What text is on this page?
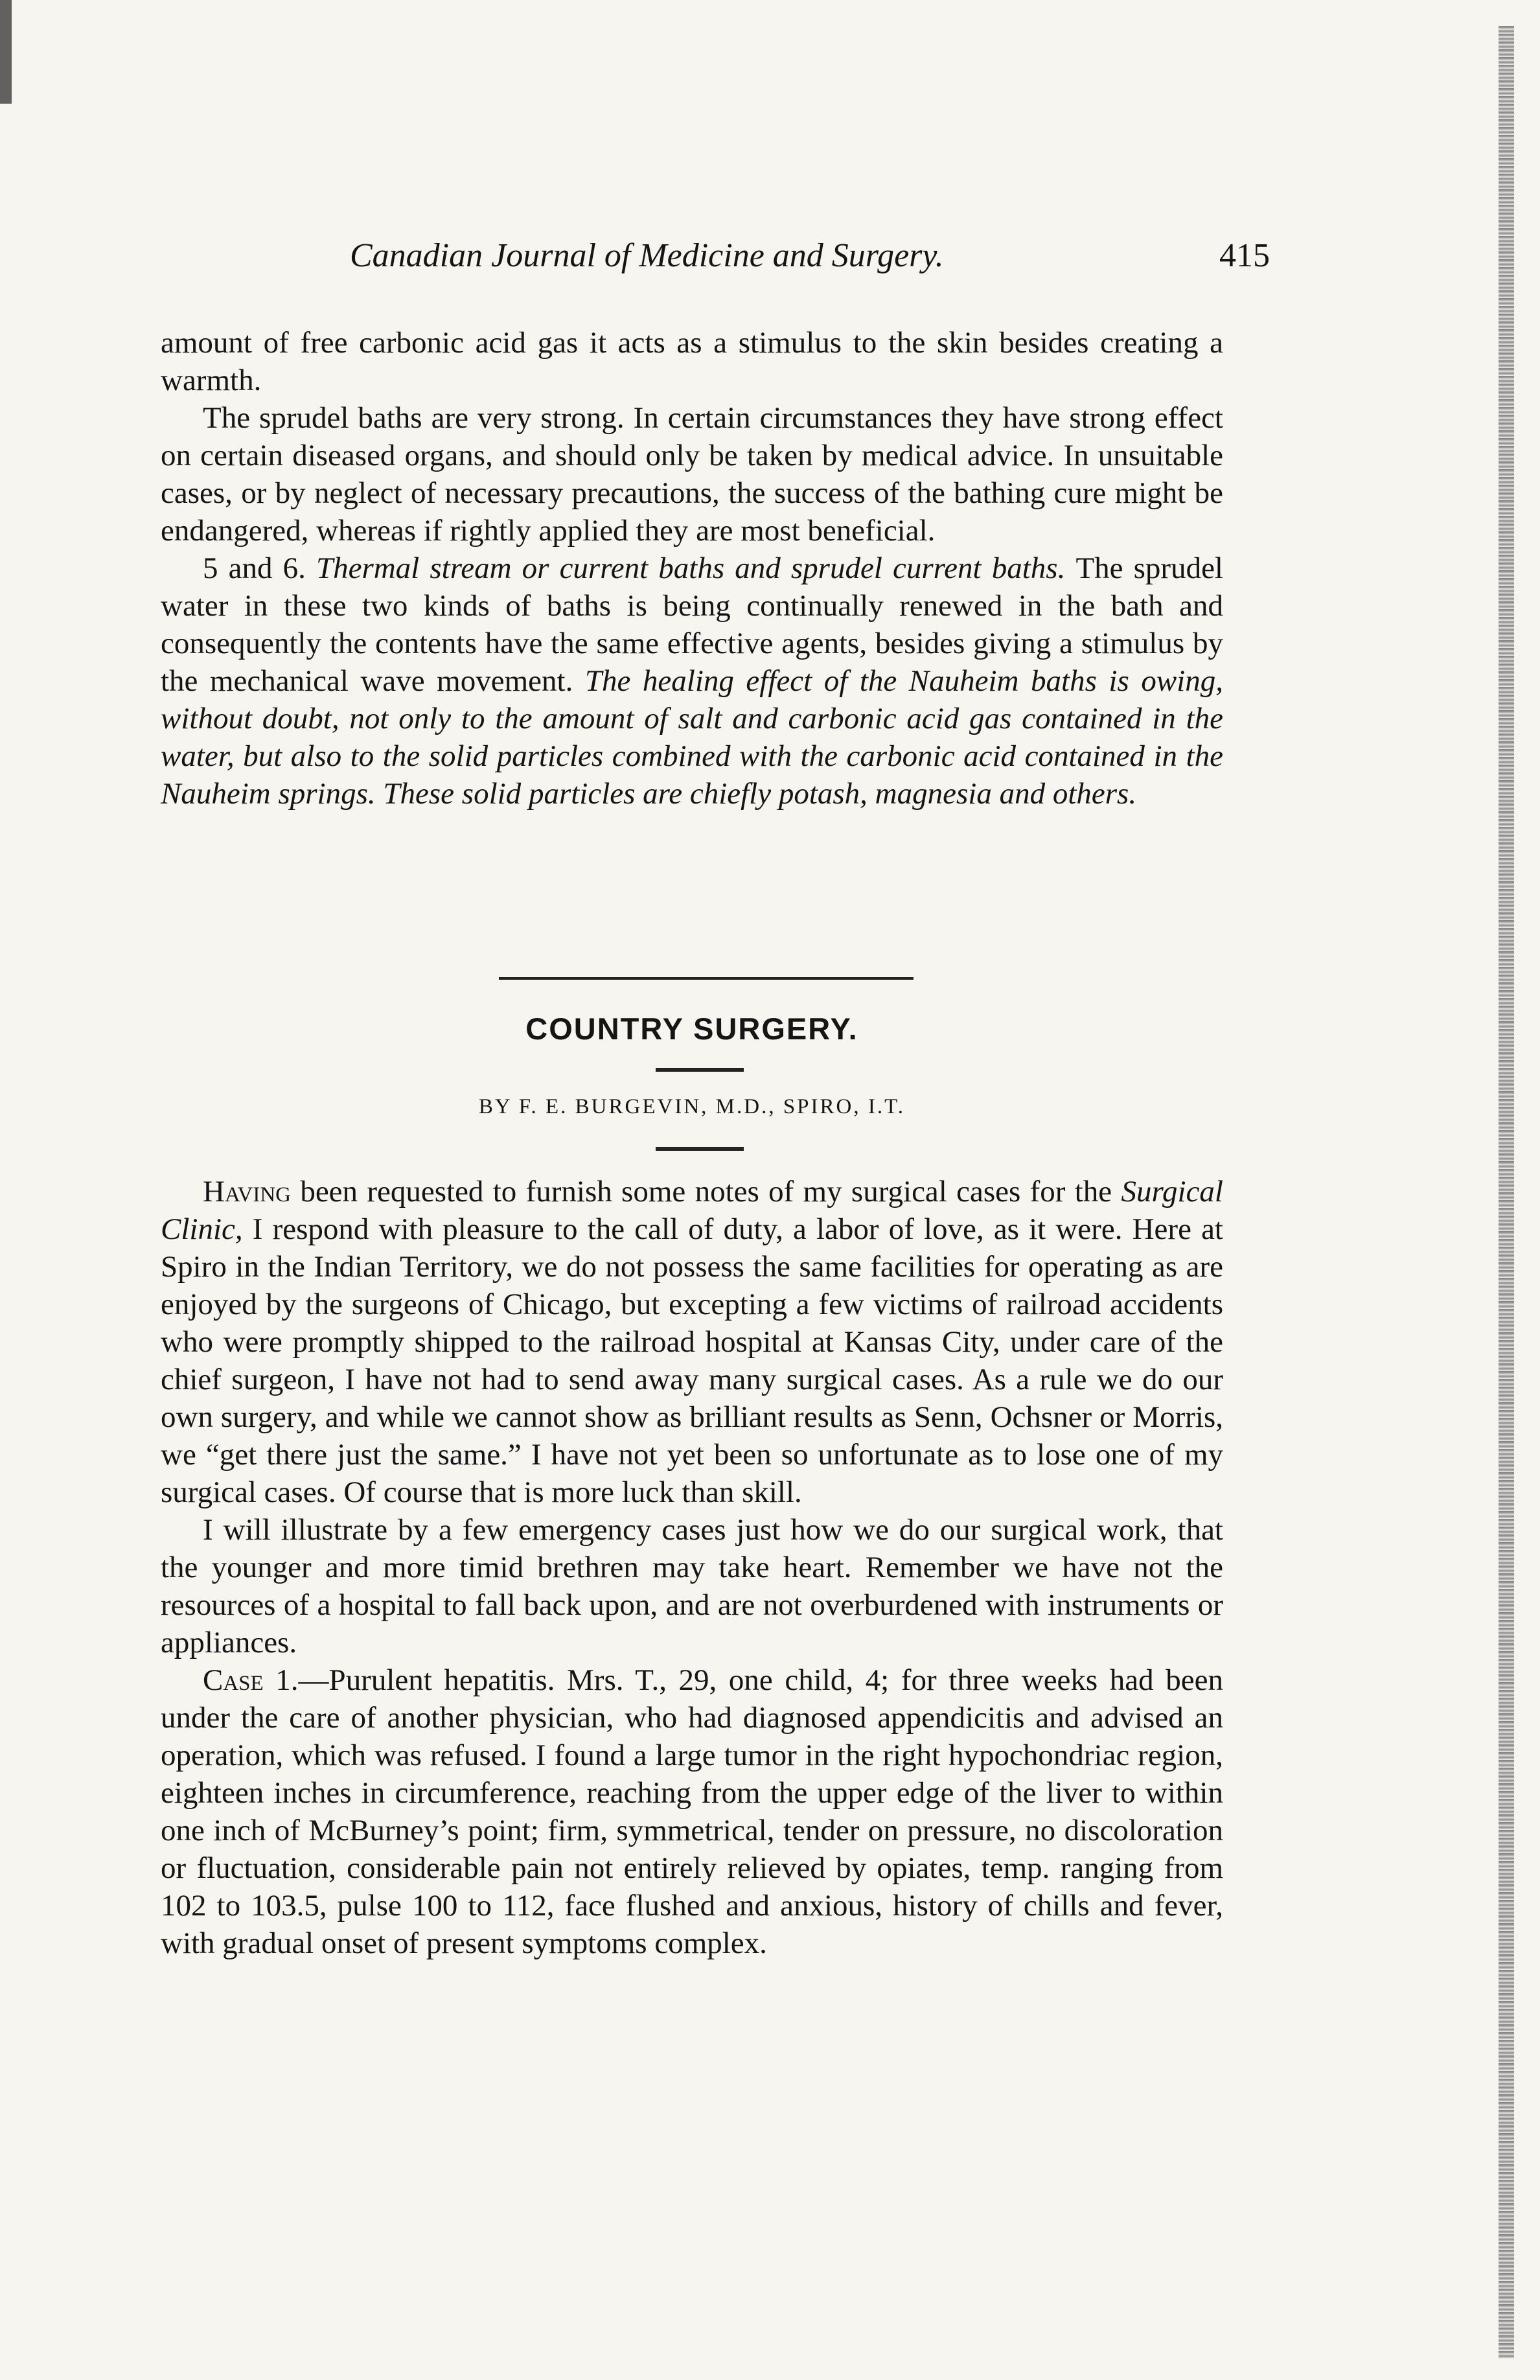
Canadian Journal of Medicine and Surgery.	415

amount of free carbonic acid gas it acts as a stimulus to the skin besides creating a warmth.

The sprudel baths are very strong. In certain circumstances they have strong effect on certain diseased organs, and should only be taken by medical advice. In unsuitable cases, or by neglect of necessary precautions, the success of the bathing cure might be endangered, whereas if rightly applied they are most beneficial.

5 and 6. Thermal stream or current baths and sprudel current baths. The sprudel water in these two kinds of baths is being continually renewed in the bath and consequently the contents have the same effective agents, besides giving a stimulus by the mechanical wave movement. The healing effect of the Nauheim baths is owing, without doubt, not only to the amount of salt and carbonic acid gas contained in the water, but also to the solid particles combined with the carbonic acid contained in the Nauheim springs. These solid particles are chiefly potash, magnesia and others.

COUNTRY SURGERY.
BY F. E. BURGEVIN, M.D., SPIRO, I.T.

Having been requested to furnish some notes of my surgical cases for the Surgical Clinic, I respond with pleasure to the call of duty, a labor of love, as it were. Here at Spiro in the Indian Territory, we do not possess the same facilities for operating as are enjoyed by the surgeons of Chicago, but excepting a few victims of railroad accidents who were promptly shipped to the railroad hospital at Kansas City, under care of the chief surgeon, I have not had to send away many surgical cases. As a rule we do our own surgery, and while we cannot show as brilliant results as Senn, Ochsner or Morris, we “get there just the same.” I have not yet been so unfortunate as to lose one of my surgical cases. Of course that is more luck than skill.

I will illustrate by a few emergency cases just how we do our surgical work, that the younger and more timid brethren may take heart. Remember we have not the resources of a hospital to fall back upon, and are not overburdened with instruments or appliances.

Case 1.—Purulent hepatitis. Mrs. T., 29, one child, 4; for three weeks had been under the care of another physician, who had diagnosed appendicitis and advised an operation, which was refused. I found a large tumor in the right hypochondriac region, eighteen inches in circumference, reaching from the upper edge of the liver to within one inch of McBurney’s point; firm, symmetrical, tender on pressure, no discoloration or fluctuation, considerable pain not entirely relieved by opiates, temp. ranging from 102 to 103.5, pulse 100 to 112, face flushed and anxious, history of chills and fever, with gradual onset of present symptoms complex.
